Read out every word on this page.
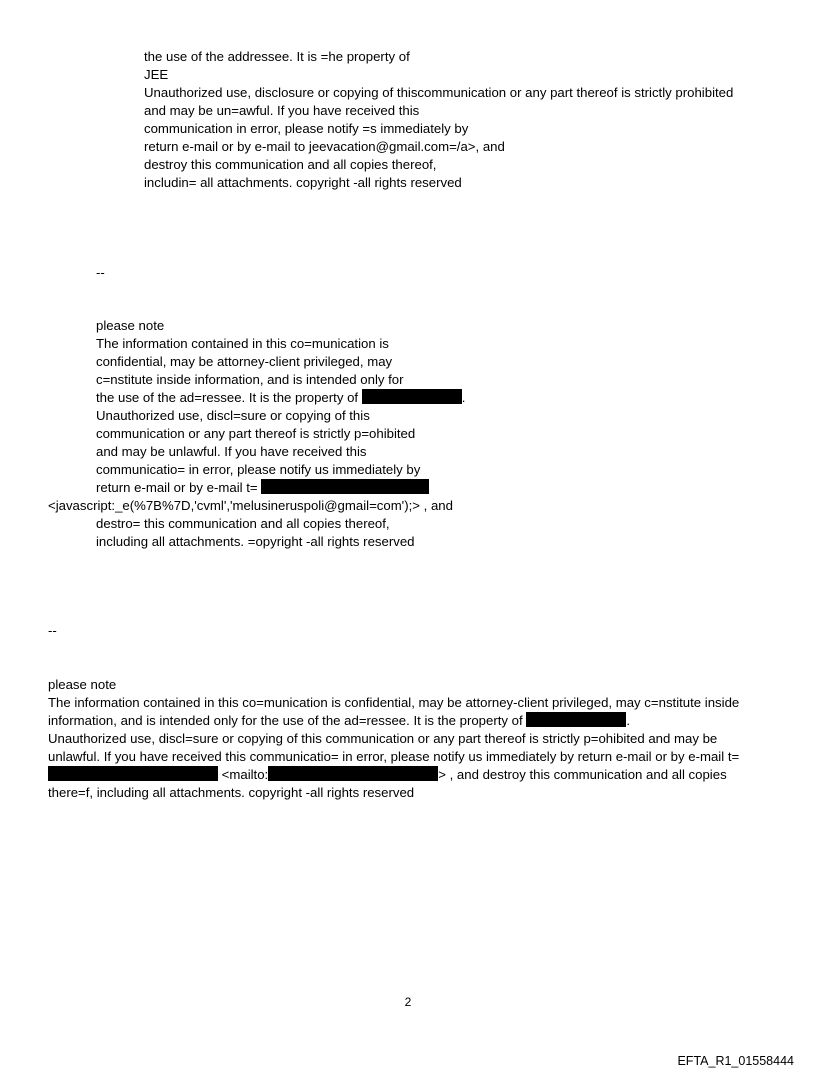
the use of the addressee. It is =he property of
JEE
Unauthorized use, disclosure or copying of thiscommunication or any part thereof is strictly prohibited
and may be un=awful. If you have received this
communication in error, please notify =s immediately by
return e-mail or by e-mail to jeevacation@gmail.com=/a>, and
destroy this communication and all copies thereof,
includin= all attachments. copyright -all rights reserved
--
please note
The information contained in this co=munication is
confidential, may be attorney-client privileged, may
c=nstitute inside information, and is intended only for
the use of the ad=ressee. It is the property of	.
Unauthorized use, discl=sure or copying of this
communication or any part thereof is strictly p=ohibited
and may be unlawful. If you have received this
communicatio= in error, please notify us immediately by
return e-mail or by e-mail t=
<javascript:_e(%7B%7D,'cvml','melusineruspoli@gmail=com');> , and
destro= this communication and all copies thereof,
including all attachments. =opyright -all rights reserved
--
please note
The information contained in this co=munication is confidential, may be attorney-client privileged, may c=nstitute inside
information, and is intended only for the use of the ad=ressee. It is the property of	.
Unauthorized use, discl=sure or copying of this communication or any part thereof is strictly p=ohibited and may be
unlawful. If you have received this communicatio= in error, please notify us immediately by return e-mail or by e-mail t=
<mailto:	> , and destroy this communication and all copies
there=f, including all attachments. copyright -all rights reserved
2
EFTA_R1_01558444
